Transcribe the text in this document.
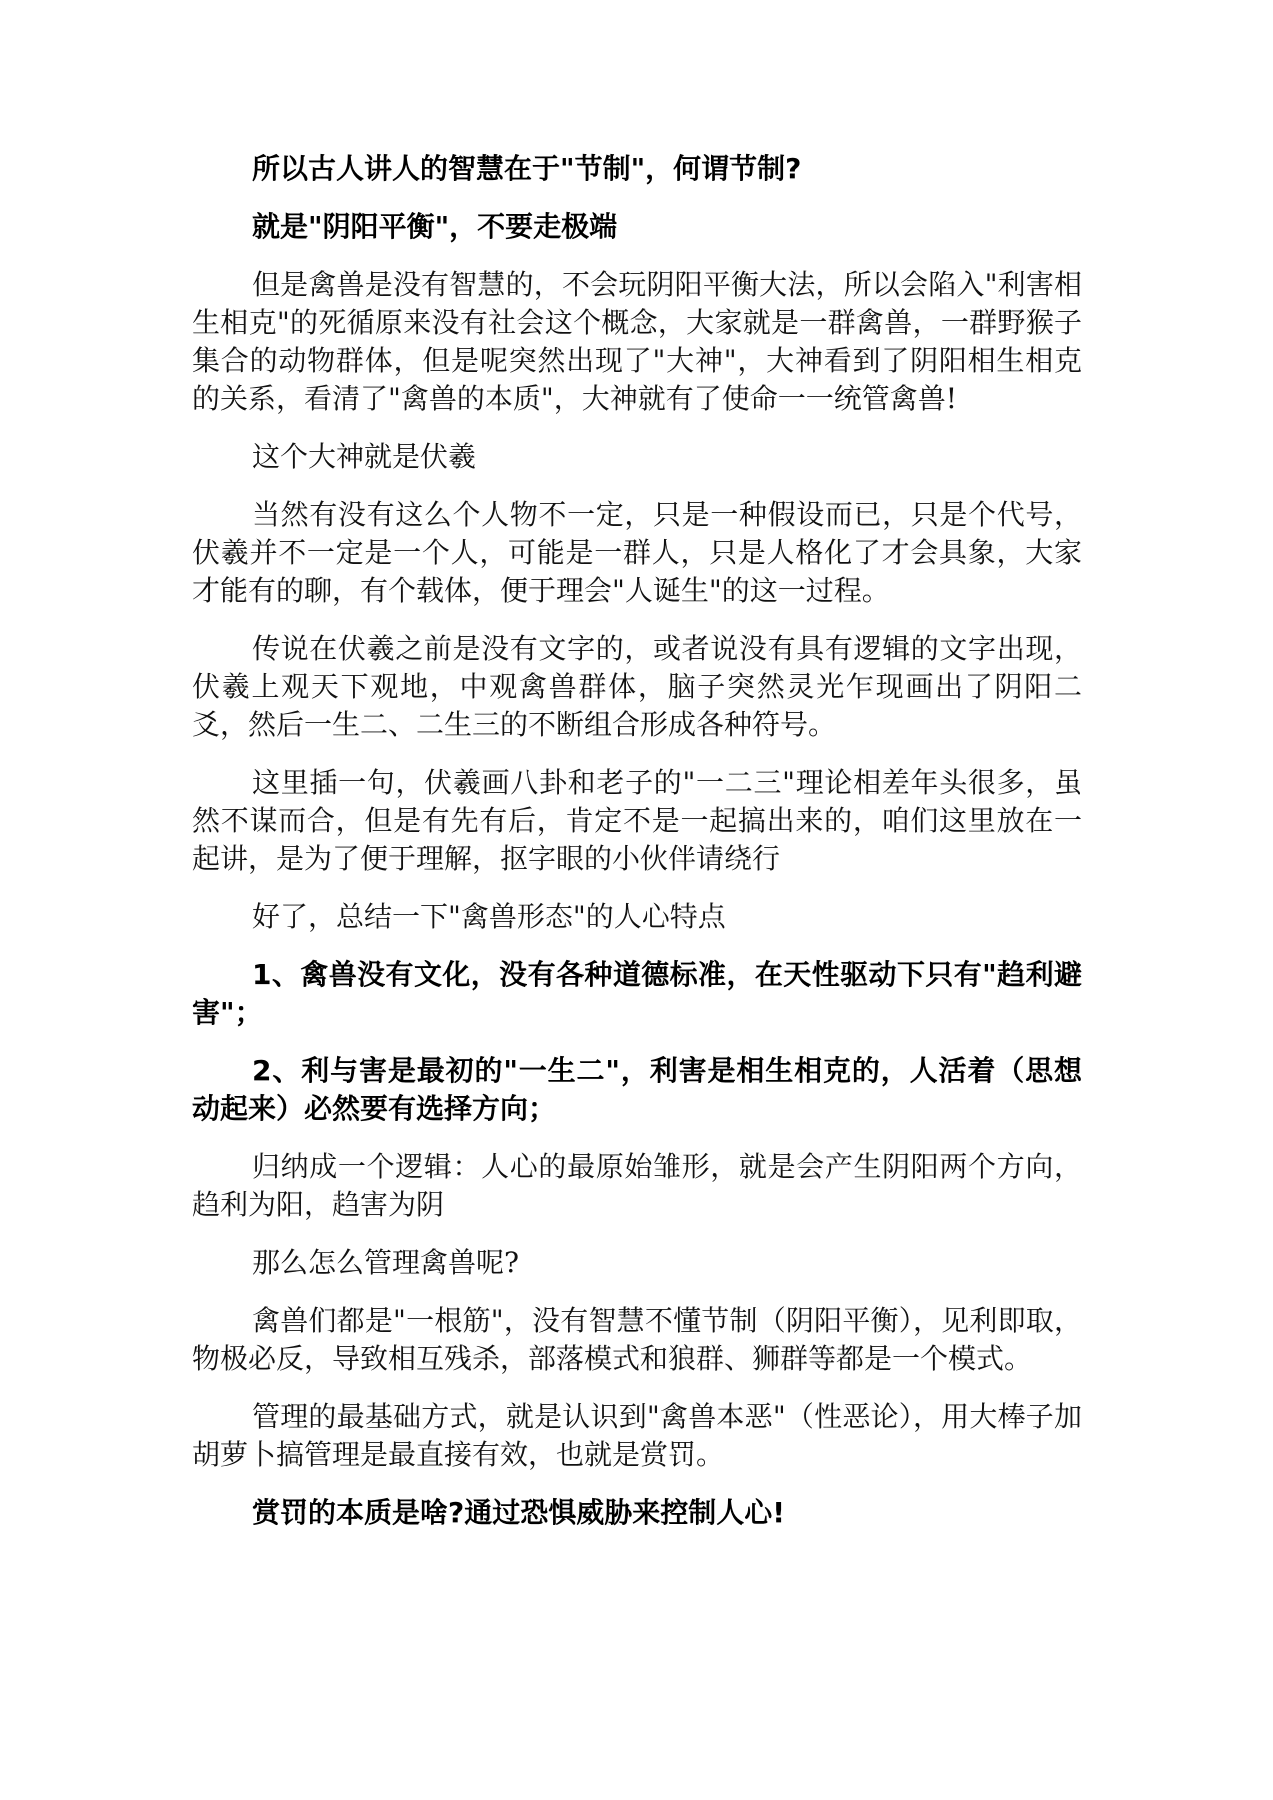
所以古人讲人的智慧在于"节制"，何谓节制?

就是"阴阳平衡"，不要走极端

但是禽兽是没有智慧的，不会玩阴阳平衡大法，所以会陷入"利害相生相克"的死循原来没有社会这个概念，大家就是一群禽兽，一群野猴子集合的动物群体，但是呢突然出现了"大神"，大神看到了阴阳相生相克的关系，看清了"禽兽的本质"，大神就有了使命一一统管禽兽!

这个大神就是伏羲

当然有没有这么个人物不一定，只是一种假设而已，只是个代号，伏羲并不一定是一个人，可能是一群人，只是人格化了才会具象，大家才能有的聊，有个载体，便于理会"人诞生"的这一过程。

传说在伏羲之前是没有文字的，或者说没有具有逻辑的文字出现，伏羲上观天下观地，中观禽兽群体，脑子突然灵光乍现画出了阴阳二爻，然后一生二、二生三的不断组合形成各种符号。

这里插一句，伏羲画八卦和老子的"一二三"理论相差年头很多，虽然不谋而合，但是有先有后，肯定不是一起搞出来的，咱们这里放在一起讲，是为了便于理解，抠字眼的小伙伴请绕行

好了，总结一下"禽兽形态"的人心特点

1、禽兽没有文化，没有各种道德标准，在天性驱动下只有"趋利避害"；

2、利与害是最初的"一生二"，利害是相生相克的，人活着（思想动起来）必然要有选择方向；

归纳成一个逻辑：人心的最原始雏形，就是会产生阴阳两个方向，趋利为阳，趋害为阴

那么怎么管理禽兽呢?

禽兽们都是"一根筋"，没有智慧不懂节制（阴阳平衡），见利即取，物极必反，导致相互残杀，部落模式和狼群、狮群等都是一个模式。

管理的最基础方式，就是认识到"禽兽本恶"（性恶论），用大棒子加胡萝卜搞管理是最直接有效，也就是赏罚。

赏罚的本质是啥?通过恐惧威胁来控制人心!
